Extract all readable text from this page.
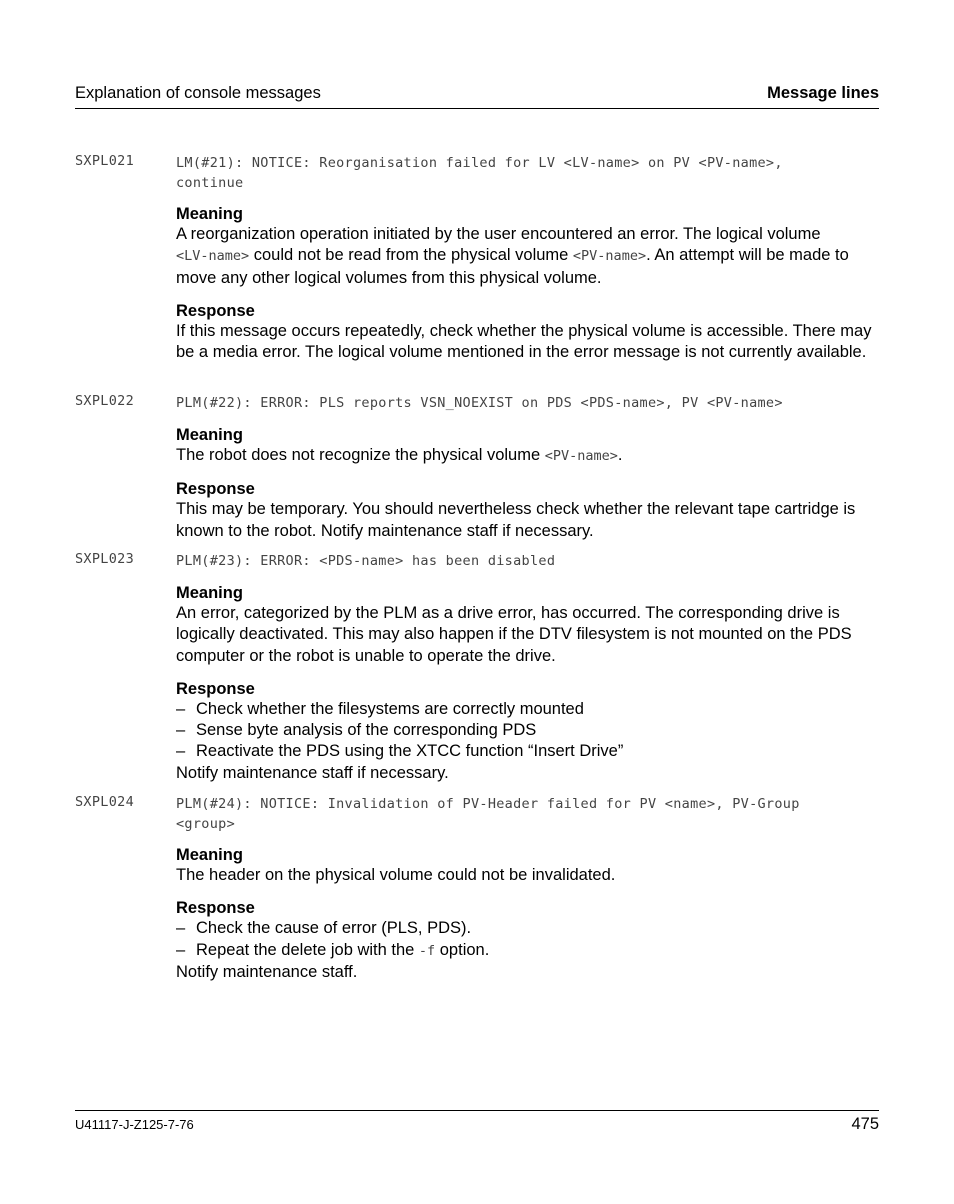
Explanation of console messages	Message lines
SXPL021	LM(#21): NOTICE: Reorganisation failed for LV <LV-name> on PV <PV-name>,
continue
Meaning
A reorganization operation initiated by the user encountered an error. The logical volume
<LV-name> could not be read from the physical volume <PV-name>. An attempt will be made to move any other logical volumes from this physical volume.
Response
If this message occurs repeatedly, check whether the physical volume is accessible. There may be a media error. The logical volume mentioned in the error message is not currently available.
SXPL022	PLM(#22): ERROR: PLS reports VSN_NOEXIST on PDS <PDS-name>, PV <PV-name>
Meaning
The robot does not recognize the physical volume <PV-name>.
Response
This may be temporary. You should nevertheless check whether the relevant tape cartridge is known to the robot. Notify maintenance staff if necessary.
SXPL023	PLM(#23): ERROR: <PDS-name> has been disabled
Meaning
An error, categorized by the PLM as a drive error, has occurred. The corresponding drive is logically deactivated. This may also happen if the DTV filesystem is not mounted on the PDS computer or the robot is unable to operate the drive.
Response
– Check whether the filesystems are correctly mounted
– Sense byte analysis of the corresponding PDS
– Reactivate the PDS using the XTCC function “Insert Drive”
Notify maintenance staff if necessary.
SXPL024	PLM(#24): NOTICE: Invalidation of PV-Header failed for PV <name>, PV-Group
<group>
Meaning
The header on the physical volume could not be invalidated.
Response
– Check the cause of error (PLS, PDS).
– Repeat the delete job with the -f option.
Notify maintenance staff.
U41117-J-Z125-7-76	475
